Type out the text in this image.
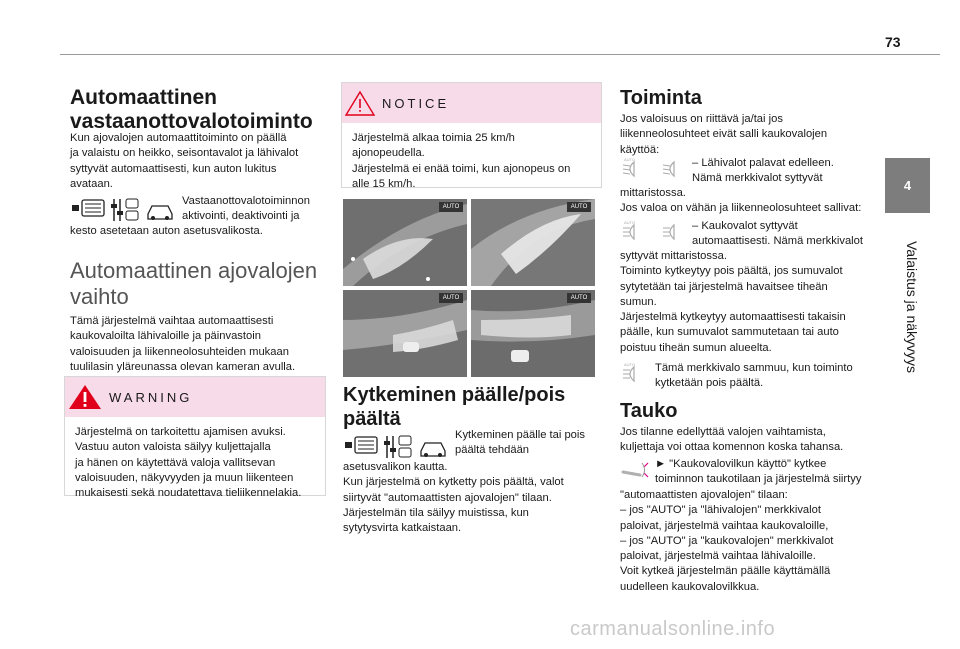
73
4
Valaistus ja näkyvyys
Automaattinen
vastaanottovalotoiminto
Kun ajovalojen automaattitoiminto on päällä
ja valaistu on heikko, seisontavalot ja lähivalot
syttyvät automaattisesti, kun auton lukitus
avataan.
Vastaanottovalotoiminnon
aktivointi, deaktivointi ja
kesto asetetaan auton asetusvalikosta.
Automaattinen ajovalojen
vaihto
Tämä järjestelmä vaihtaa automaattisesti
kaukovaloilta lähivaloille ja päinvastoin
valoisuuden ja liikenneolosuhteiden mukaan
tuulilasin yläreunassa olevan kameran avulla.
WARNING
Järjestelmä on tarkoitettu ajamisen avuksi.
Vastuu auton valoista säilyy kuljettajalla
ja hänen on käytettävä valoja vallitsevan
valoisuuden, näkyvyyden ja muun liikenteen
mukaisesti sekä noudatettava tieliikennelakia.
NOTICE
Järjestelmä alkaa toimia 25 km/h
ajonopeudella.
Järjestelmä ei enää toimi, kun ajonopeus on
alle 15 km/h.
AUTO	AUTO
AUTO	AUTO
Kytkeminen päälle/pois
päältä
Kytkeminen päälle tai pois
päältä tehdään
asetusvalikon kautta.
Kun järjestelmä on kytketty pois päältä, valot
siirtyvät "automaattisten ajovalojen" tilaan.
Järjestelmän tila säilyy muistissa, kun
sytytysvirta katkaistaan.
Toiminta
Jos valoisuus on riittävä ja/tai jos
liikenneolosuhteet eivät salli kaukovalojen
käyttöä:
AUTO	– Lähivalot palavat edelleen.
Nämä merkkivalot syttyvät
mittaristossa.
Jos valoa on vähän ja liikenneolosuhteet sallivat:
AUTO	– Kaukovalot syttyvät
automaattisesti. Nämä merkkivalot
syttyvät mittaristossa.
Toiminto kytkeytyy pois päältä, jos sumuvalot
sytytetään tai järjestelmä havaitsee tiheän
sumun.
Järjestelmä kytkeytyy automaattisesti takaisin
päälle, kun sumuvalot sammutetaan tai auto
poistuu tiheän sumun alueelta.
AUTO Tämä merkkivalo sammuu, kun toiminto
kytketään pois päältä.
Tauko
Jos tilanne edellyttää valojen vaihtamista,
kuljettaja voi ottaa komennon koska tahansa.
► "Kaukovalovilkun käyttö" kytkee
toiminnon taukotilaan ja järjestelmä siirtyy
"automaattisten ajovalojen" tilaan:
– jos "AUTO" ja "lähivalojen" merkkivalot
paloivat, järjestelmä vaihtaa kaukovaloille,
– jos "AUTO" ja "kaukovalojen" merkkivalot
paloivat, järjestelmä vaihtaa lähivaloille.
Voit kytkeä järjestelmän päälle käyttämällä
uudelleen kaukovalovilkkua.
carmanualsonline.info
